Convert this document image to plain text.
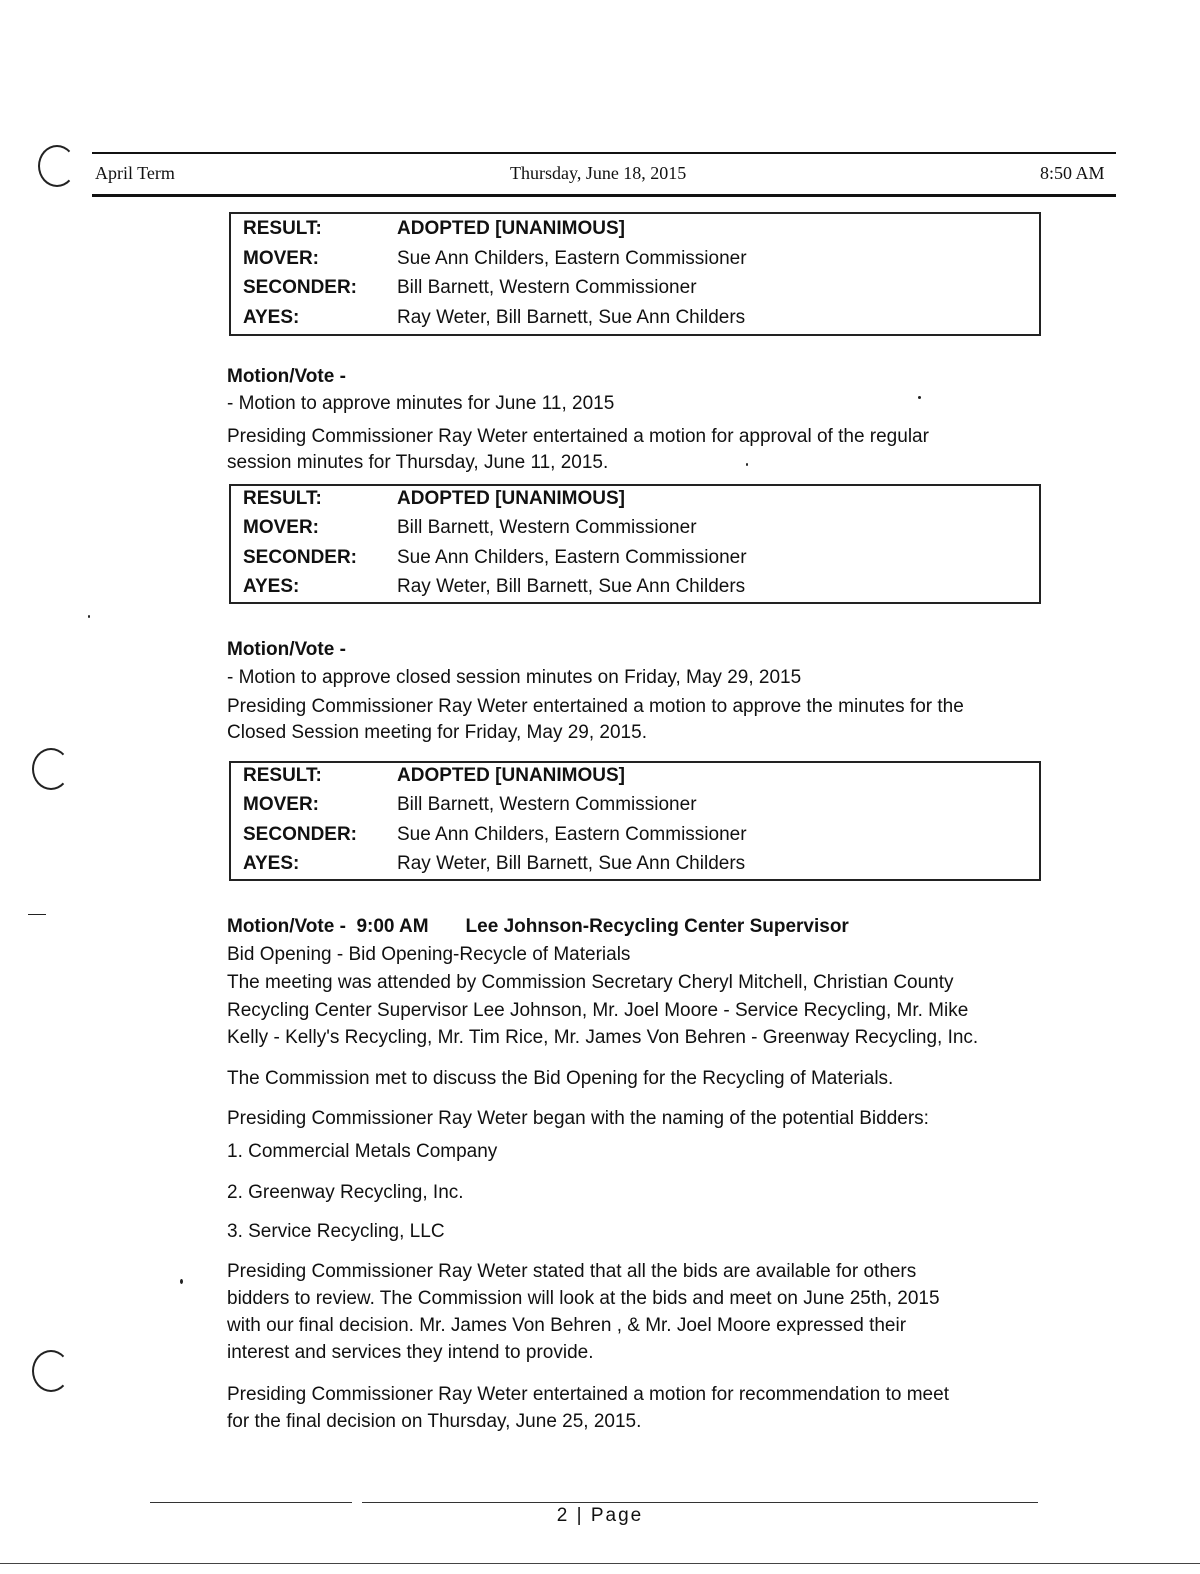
April Term	Thursday, June 18, 2015	8:50 AM
RESULT:	ADOPTED [UNANIMOUS]
MOVER:	Sue Ann Childers, Eastern Commissioner
SECONDER: Bill Barnett, Western Commissioner
AYES:	Ray Weter, Bill Barnett, Sue Ann Childers
Motion/Vote -
- Motion to approve minutes for June 11, 2015
Presiding Commissioner Ray Weter entertained a motion for approval of the regular
session minutes for Thursday, June 11, 2015.
RESULT:	ADOPTED [UNANIMOUS]
MOVER:	Bill Barnett, Western Commissioner
SECONDER: Sue Ann Childers, Eastern Commissioner
AYES:	Ray Weter, Bill Barnett, Sue Ann Childers
Motion/Vote -
- Motion to approve closed session minutes on Friday, May 29, 2015
Presiding Commissioner Ray Weter entertained a motion to approve the minutes for the
Closed Session meeting for Friday, May 29, 2015.
RESULT:	ADOPTED [UNANIMOUS]
MOVER:	Bill Barnett, Western Commissioner
SECONDER: Sue Ann Childers, Eastern Commissioner
AYES:	Ray Weter, Bill Barnett, Sue Ann Childers
Motion/Vote -  9:00 AM       Lee Johnson-Recycling Center Supervisor
Bid Opening - Bid Opening-Recycle of Materials
The meeting was attended by Commission Secretary Cheryl Mitchell, Christian County
Recycling Center Supervisor Lee Johnson, Mr. Joel Moore - Service Recycling, Mr. Mike
Kelly - Kelly's Recycling, Mr. Tim Rice, Mr. James Von Behren - Greenway Recycling, Inc.
The Commission met to discuss the Bid Opening for the Recycling of Materials.
Presiding Commissioner Ray Weter began with the naming of the potential Bidders:
1. Commercial Metals Company
2. Greenway Recycling, Inc.
3. Service Recycling, LLC
Presiding Commissioner Ray Weter stated that all the bids are available for others
bidders to review. The Commission will look at the bids and meet on June 25th, 2015
with our final decision. Mr. James Von Behren , & Mr. Joel Moore expressed their
interest and services they intend to provide.
Presiding Commissioner Ray Weter entertained a motion for recommendation to meet
for the final decision on Thursday, June 25, 2015.
2 | Page
